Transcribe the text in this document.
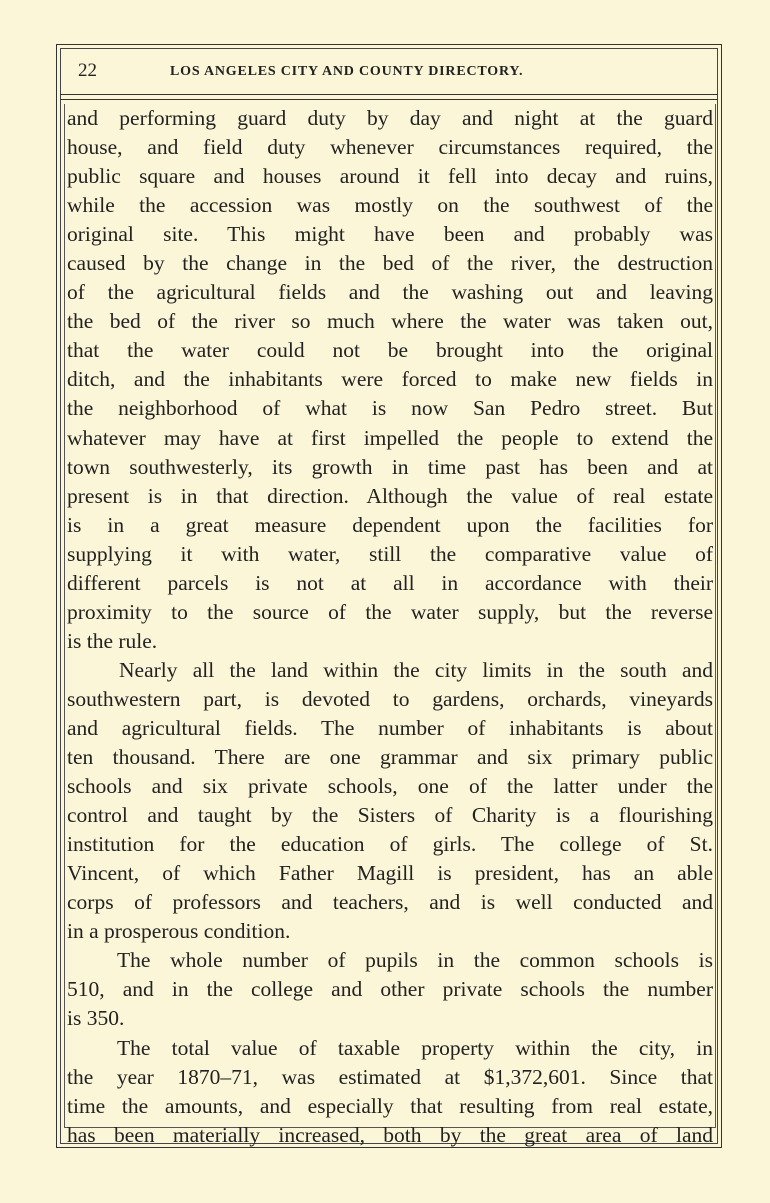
22	LOS ANGELES CITY AND COUNTY DIRECTORY.
and performing guard duty by day and night at the guard
house, and field duty whenever circumstances required, the
public square and houses around it fell into decay and ruins,
while the accession was mostly on the southwest of the
original site. This might have been and probably was
caused by the change in the bed of the river, the destruction
of the agricultural fields and the washing out and leaving
the bed of the river so much where the water was taken out,
that the water could not be brought into the original
ditch, and the inhabitants were forced to make new fields in
the neighborhood of what is now San Pedro street. But
whatever may have at first impelled the people to extend the
town southwesterly, its growth in time past has been and at
present is in that direction. Although the value of real estate
is in a great measure dependent upon the facilities for
supplying it with water, still the comparative value of
different parcels is not at all in accordance with their
proximity to the source of the water supply, but the reverse
is the rule.
Nearly all the land within the city limits in the south and
southwestern part, is devoted to gardens, orchards, vineyards
and agricultural fields. The number of inhabitants is about
ten thousand. There are one grammar and six primary public
schools and six private schools, one of the latter under the
control and taught by the Sisters of Charity is a flourishing
institution for the education of girls. The college of St.
Vincent, of which Father Magill is president, has an able
corps of professors and teachers, and is well conducted and
in a prosperous condition.
The whole number of pupils in the common schools is
510, and in the college and other private schools the number
is 350.
The total value of taxable property within the city, in
the year 1870–71, was estimated at $1,372,601. Since that
time the amounts, and especially that resulting from real estate,
has been materially increased, both by the great area of land
